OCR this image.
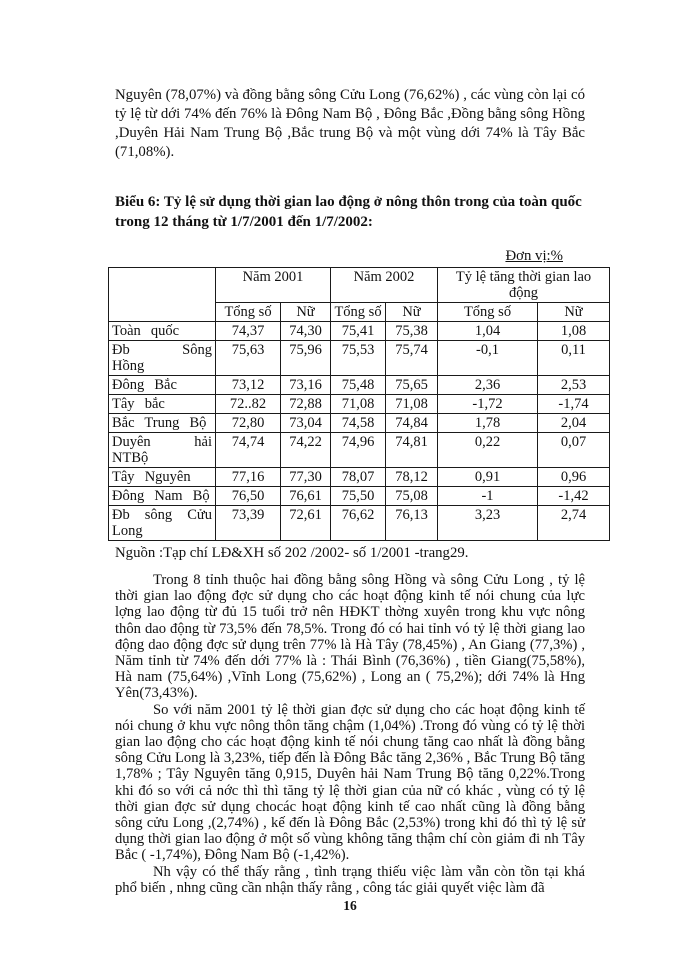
Nguyên (78,07%) và đồng bằng sông Cửu Long (76,62%) , các vùng còn lại có tỷ lệ từ dới 74% đến 76% là Đông Nam Bộ , Đông Bắc ,Đồng bằng sông Hồng ,Duyên Hải Nam Trung Bộ ,Bắc trung Bộ và một vùng dới 74% là Tây Bắc (71,08%).

Biểu 6: Tỷ lệ sử dụng thời gian lao động ở nông thôn trong của toàn quốc trong 12 tháng từ 1/7/2001 đến 1/7/2002:
Đơn vị:%
	Năm 2001		Năm 2002		Tỷ lệ tăng thời gian lao động	
	Tổng số	Nữ	Tổng số	Nữ	Tổng số	Nữ
Toàn quốc	74,37	74,30	75,41	75,38	1,04	1,08
Đb Sông Hồng	75,63	75,96	75,53	75,74	-0,1	0,11
Đông Bắc	73,12	73,16	75,48	75,65	2,36	2,53
Tây bắc	72..82	72,88	71,08	71,08	-1,72	-1,74
Bắc Trung Bộ	72,80	73,04	74,58	74,84	1,78	2,04
Duyên hải NTBộ	74,74	74,22	74,96	74,81	0,22	0,07
Tây Nguyên	77,16	77,30	78,07	78,12	0,91	0,96
Đông Nam Bộ	76,50	76,61	75,50	75,08	-1	-1,42
Đb sông Cửu Long	73,39	72,61	76,62	76,13	3,23	2,74

Nguồn :Tạp chí LĐ&XH số 202 /2002- số 1/2001 -trang29.

Trong 8 tỉnh thuộc hai đồng bằng sông Hồng và sông Cửu Long , tỷ lệ thời gian lao động đợc sử dụng cho các hoạt động kinh tế nói chung của lực lợng lao động từ đủ 15 tuổi trở nên HĐKT thờng xuyên trong khu vực nông thôn dao động từ 73,5% đến 78,5%. Trong đó có hai tỉnh vó tỷ lệ thời giang lao động dao động đợc sử dụng trên 77% là Hà Tây (78,45%) , An Giang (77,3%) , Năm tỉnh từ 74% đến dới 77% là : Thái Bình (76,36%) , tiền Giang(75,58%), Hà nam (75,64%) ,Vĩnh Long (75,62%) , Long an ( 75,2%); dới 74% là Hng Yên(73,43%).

So với năm 2001 tỷ lệ thời gian đợc sử dụng cho các hoạt động kinh tế nói chung ở khu vực nông thôn tăng chậm (1,04%) .Trong đó vùng có tỷ lệ thời gian lao động cho các hoạt động kinh tế nói chung tăng cao nhất là đồng bằng sông Cửu Long là 3,23%, tiếp đến là Đông Bắc tăng 2,36% , Bắc Trung Bộ tăng 1,78% ; Tây Nguyên tăng 0,915, Duyên hải Nam Trung Bộ tăng 0,22%.Trong khi đó so với cả nớc thì thì tăng tỷ lệ thời gian của nữ có khác , vùng có tỷ lệ thời gian đợc sử dụng chocác hoạt động kinh tế cao nhất cũng là đồng bằng sông cửu Long ,(2,74%) , kế đến là Đông Bắc (2,53%) trong khi đó thì tỷ lệ sử dụng thời gian lao động ở một số vùng không tăng thậm chí còn giảm đi nh Tây Bắc ( -1,74%), Đông Nam Bộ (-1,42%).

Nh vậy có thể thấy rằng , tình trạng thiếu việc làm vẫn còn tồn tại khá phổ biến , nhng cũng cần nhận thấy rằng , công tác giải quyết việc làm đã

16
